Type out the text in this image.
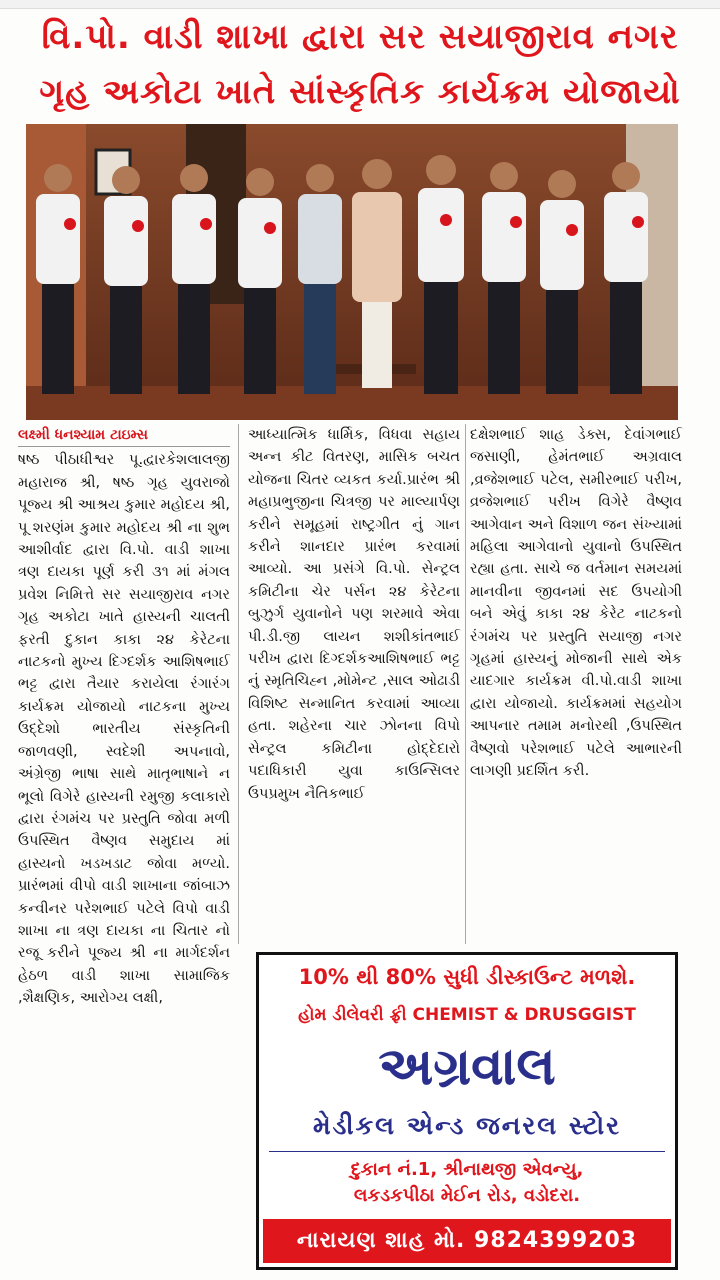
વિ.પો. વાડી શાખા દ્વારા સર સયાજીરાવ નગર
ગૃહ અકોટા ખાતે સાંસ્કૃતિક કાર્યક્રમ યોજાયો
લક્ષ્મી ધનશ્યામ ટાઇમ્સ
ષષ્ઠ પીઠાધીશ્વર પૂ.દ્વારકેશલાલજી મહારાજ શ્રી, ષષ્ઠ ગૃહ યુવરાજો પૂજ્ય શ્રી આશ્રય કુમાર મહોદય શ્રી, પૂ શરણંમ કુમાર મહોદય શ્રી ના શુભ આશીર્વાદ દ્વારા વિ.પો. વાડી શાખા ત્રણ દાયકા પૂર્ણ કરી ૩૧ માં મંગલ પ્રવેશ નિમિત્તે સર સયાજીરાવ નગર ગૃહ અકોટા ખાતે હાસ્યની ચાલતી ફરતી દુકાન કાકા ૨૪ કેરેટના નાટકનો મુખ્ય દિગ્દર્શક આશિષભાઈ ભટ્ટ દ્વારા તૈયાર કરાયેલા રંગારંગ કાર્યક્રમ યોજાયો નાટકના મુખ્ય ઉદ્દેશો ભારતીય સંસ્કૃતિની જાળવણી, સ્વદેશી અપનાવો, અંગ્રેજી ભાષા સાથે માતૃભાષાને ન ભૂલો વિગેરે હાસ્યની રમુજી કલાકારો દ્વારા રંગમંચ પર પ્રસ્તુતિ જોવા મળી ઉપસ્થિત વૈષ્ણવ સમુદાય માં હાસ્યનો ખડખડાટ જોવા મળ્યો. પ્રારંભમાં વીપો વાડી શાખાના જાંબાઝ કન્વીનર પરેશભાઈ પટેલે વિપો વાડી શાખા ના ત્રણ દાયકા ના ચિતાર નો રજૂ કરીને પૂજ્ય શ્રી ના માર્ગદર્શન હેઠળ વાડી શાખા સામાજિક ,શૈક્ષણિક, આરોગ્ય લક્ષી,
આધ્યાત્મિક ધાર્મિક, વિધવા સહાય અન્ન કીટ વિતરણ, માસિક બચત યોજના ચિતર વ્યકત કર્યા.પ્રારંભ શ્રી મહાપ્રભુજીના ચિત્રજી પર માલ્યાર્પણ કરીને સમૂહમાં રાષ્ટ્રગીત નું ગાન કરીને શાનદાર પ્રારંભ કરવામાં આવ્યો. આ પ્રસંગે વિ.પો. સેન્ટ્રલ કમિટીના ચેર પર્સન ૨૪ કેરેટના બુઝુર્ગ યુવાનોને પણ શરમાવે એવા પી.ડી.જી લાયન શશીકાંતભાઈ પરીખ દ્વારા દિગ્દર્શકઆશિષભાઈ ભટ્ટ નું સ્મૃતિચિહ્ન ,મોમેન્ટ ,સાલ ઓઢાડી વિશિષ્ટ સન્માનિત કરવામાં આવ્યા હતા. શહેરના ચાર ઝોનના વિપો સેન્ટ્રલ કમિટીના હોદ્દેદારો પદાધિકારી યુવા કાઉન્સિલર ઉપપ્રમુખ નૈતિકભાઈ
દક્ષેશભાઈ શાહ ડેક્સ, દેવાંગભાઈ જસાણી, હેમંતભાઈ અગ્રવાલ ,વ્રજેશભાઈ પટેલ, સમીરભાઈ પરીખ, વ્રજેશભાઈ પરીખ વિગેરે વૈષ્ણવ આગેવાન અને વિશાળ જન સંખ્યામાં મહિલા આગેવાનો યુવાનો ઉપસ્થિત રહ્યા હતા. સાચે જ વર્તમાન સમયમાં માનવીના જીવનમાં સદ ઉપયોગી બને એવું કાકા ૨૪ કેરેટ નાટકનો રંગમંચ પર પ્રસ્તુતિ સયાજી નગર ગૃહમાં હાસ્યનું મોજાની સાથે એક યાદગાર કાર્યક્રમ વી.પો.વાડી શાખા દ્વારા યોજાયો. કાર્યક્રમમાં સહયોગ આપનાર તમામ મનોરથી ,ઉપસ્થિત વૈષ્ણવો પરેશભાઈ પટેલે આભારની લાગણી પ્રદર્શિત કરી.
10% થી 80% સુધી ડીસ્કાઉન્ટ મળશે.
હોમ ડીલેવરી ફ્રી CHEMIST & DRUSGGIST
અગ્રવાલ
મેડીકલ એન્ડ જનરલ સ્ટોર
દુકાન નં.1, શ્રીનાથજી એવન્યુ,
લકડકપીઠા મેઈન રોડ, વડોદરા.
નારાયણ શાહ મો. 9824399203
